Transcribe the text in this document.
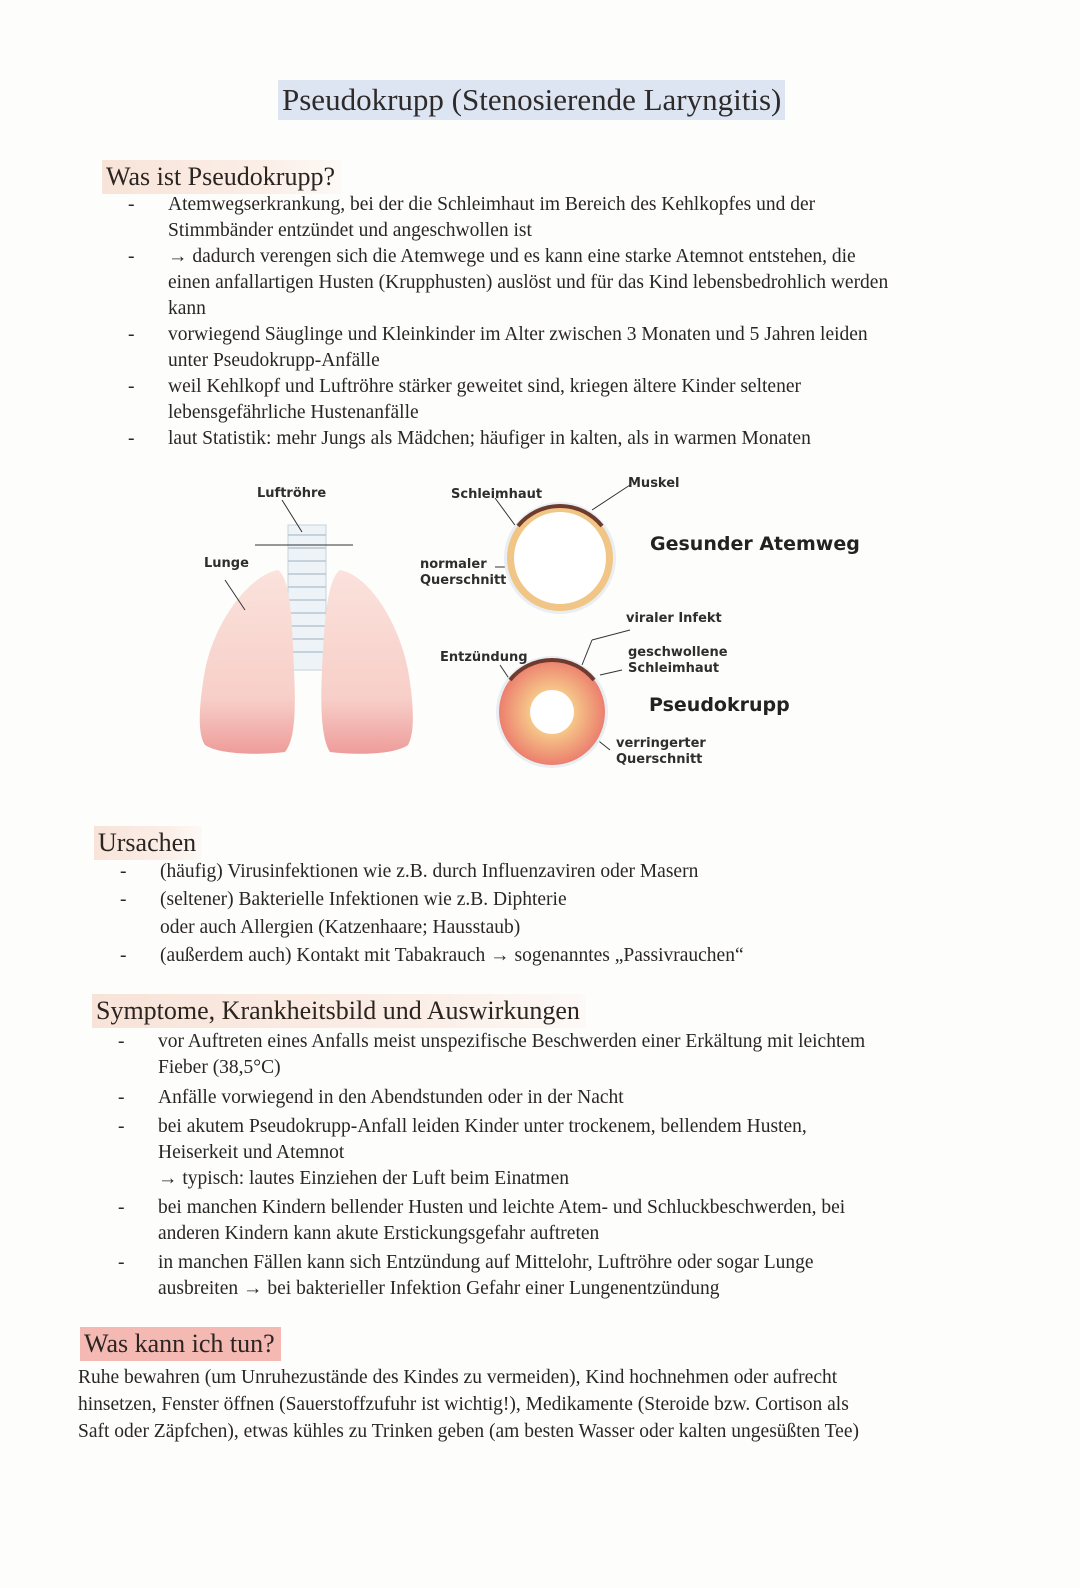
Pseudokrupp (Stenosierende Laryngitis)
Was ist Pseudokrupp?
- Atemwegserkrankung, bei der die Schleimhaut im Bereich des Kehlkopfes und der
Stimmbänder entzündet und angeschwollen ist
- → dadurch verengen sich die Atemwege und es kann eine starke Atemnot entstehen, die
einen anfallartigen Husten (Krupphusten) auslöst und für das Kind lebensbedrohlich werden
kann
- vorwiegend Säuglinge und Kleinkinder im Alter zwischen 3 Monaten und 5 Jahren leiden
unter Pseudokrupp-Anfälle
- weil Kehlkopf und Luftröhre stärker geweitet sind, kriegen ältere Kinder seltener
lebensgefährliche Hustenanfälle
- laut Statistik: mehr Jungs als Mädchen; häufiger in kalten, als in warmen Monaten
Luftröhre
Lunge
Schleimhaut
Muskel
normaler
Querschnitt
Gesunder Atemweg
viraler Infekt
Entzündung	geschwollene
Schleimhaut
Pseudokrupp
verringerter
Querschnitt
Ursachen
- (häufig) Virusinfektionen wie z.B. durch Influenzaviren oder Masern
- (seltener) Bakterielle Infektionen wie z.B. Diphterie
oder auch Allergien (Katzenhaare; Hausstaub)
- (außerdem auch) Kontakt mit Tabakrauch → sogenanntes „Passivrauchen“
Symptome, Krankheitsbild und Auswirkungen
- vor Auftreten eines Anfalls meist unspezifische Beschwerden einer Erkältung mit leichtem
Fieber (38,5°C)
- Anfälle vorwiegend in den Abendstunden oder in der Nacht
- bei akutem Pseudokrupp-Anfall leiden Kinder unter trockenem, bellendem Husten,
Heiserkeit und Atemnot
→ typisch: lautes Einziehen der Luft beim Einatmen
- bei manchen Kindern bellender Husten und leichte Atem- und Schluckbeschwerden, bei
anderen Kindern kann akute Erstickungsgefahr auftreten
- in manchen Fällen kann sich Entzündung auf Mittelohr, Luftröhre oder sogar Lunge
ausbreiten → bei bakterieller Infektion Gefahr einer Lungenentzündung
Was kann ich tun?
Ruhe bewahren (um Unruhezustände des Kindes zu vermeiden), Kind hochnehmen oder aufrecht
hinsetzen, Fenster öffnen (Sauerstoffzufuhr ist wichtig!), Medikamente (Steroide bzw. Cortison als
Saft oder Zäpfchen), etwas kühles zu Trinken geben (am besten Wasser oder kalten ungesüßten Tee)
